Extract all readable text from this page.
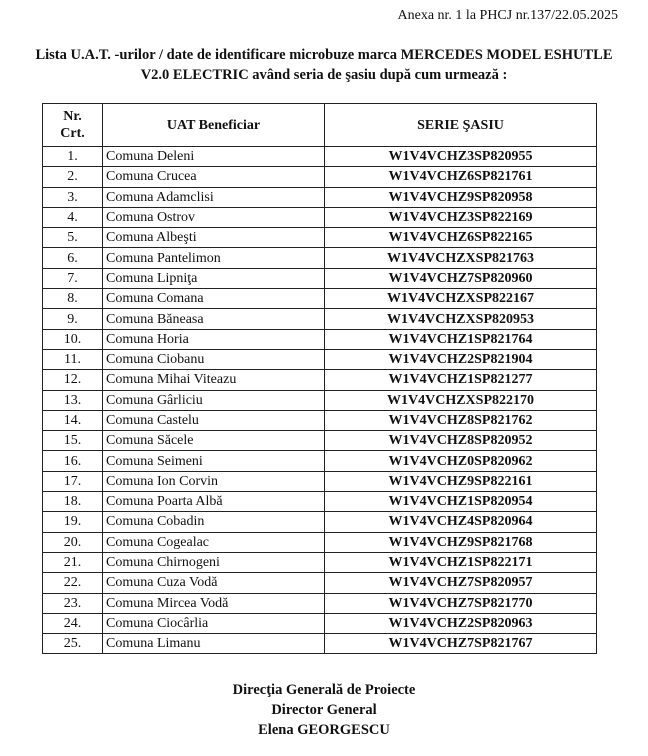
Anexa nr. 1 la PHCJ nr.137/22.05.2025
Lista U.A.T. -urilor / date de identificare microbuze marca MERCEDES MODEL ESHUTLE
V2.0 ELECTRIC având seria de şasiu după cum urmează :
Nr.
Crt.	UAT Beneficiar	SERIE ŞASIU
1.	Comuna Deleni	W1V4VCHZ3SP820955
2.	Comuna Crucea	W1V4VCHZ6SP821761
3.	Comuna Adamclisi	W1V4VCHZ9SP820958
4.	Comuna Ostrov	W1V4VCHZ3SP822169
5.	Comuna Albeşti	W1V4VCHZ6SP822165
6.	Comuna Pantelimon	W1V4VCHZXSP821763
7.	Comuna Lipniţa	W1V4VCHZ7SP820960
8.	Comuna Comana	W1V4VCHZXSP822167
9.	Comuna Băneasa	W1V4VCHZXSP820953
10.	Comuna Horia	W1V4VCHZ1SP821764
11.	Comuna Ciobanu	W1V4VCHZ2SP821904
12.	Comuna Mihai Viteazu	W1V4VCHZ1SP821277
13.	Comuna Gârliciu	W1V4VCHZXSP822170
14.	Comuna Castelu	W1V4VCHZ8SP821762
15.	Comuna Săcele	W1V4VCHZ8SP820952
16.	Comuna Seimeni	W1V4VCHZ0SP820962
17.	Comuna Ion Corvin	W1V4VCHZ9SP822161
18.	Comuna Poarta Albă	W1V4VCHZ1SP820954
19.	Comuna Cobadin	W1V4VCHZ4SP820964
20.	Comuna Cogealac	W1V4VCHZ9SP821768
21.	Comuna Chirnogeni	W1V4VCHZ1SP822171
22.	Comuna Cuza Vodă	W1V4VCHZ7SP820957
23.	Comuna Mircea Vodă	W1V4VCHZ7SP821770
24.	Comuna Ciocârlia	W1V4VCHZ2SP820963
25.	Comuna Limanu	W1V4VCHZ7SP821767
Direcţia Generală de Proiecte
Director General
Elena GEORGESCU
